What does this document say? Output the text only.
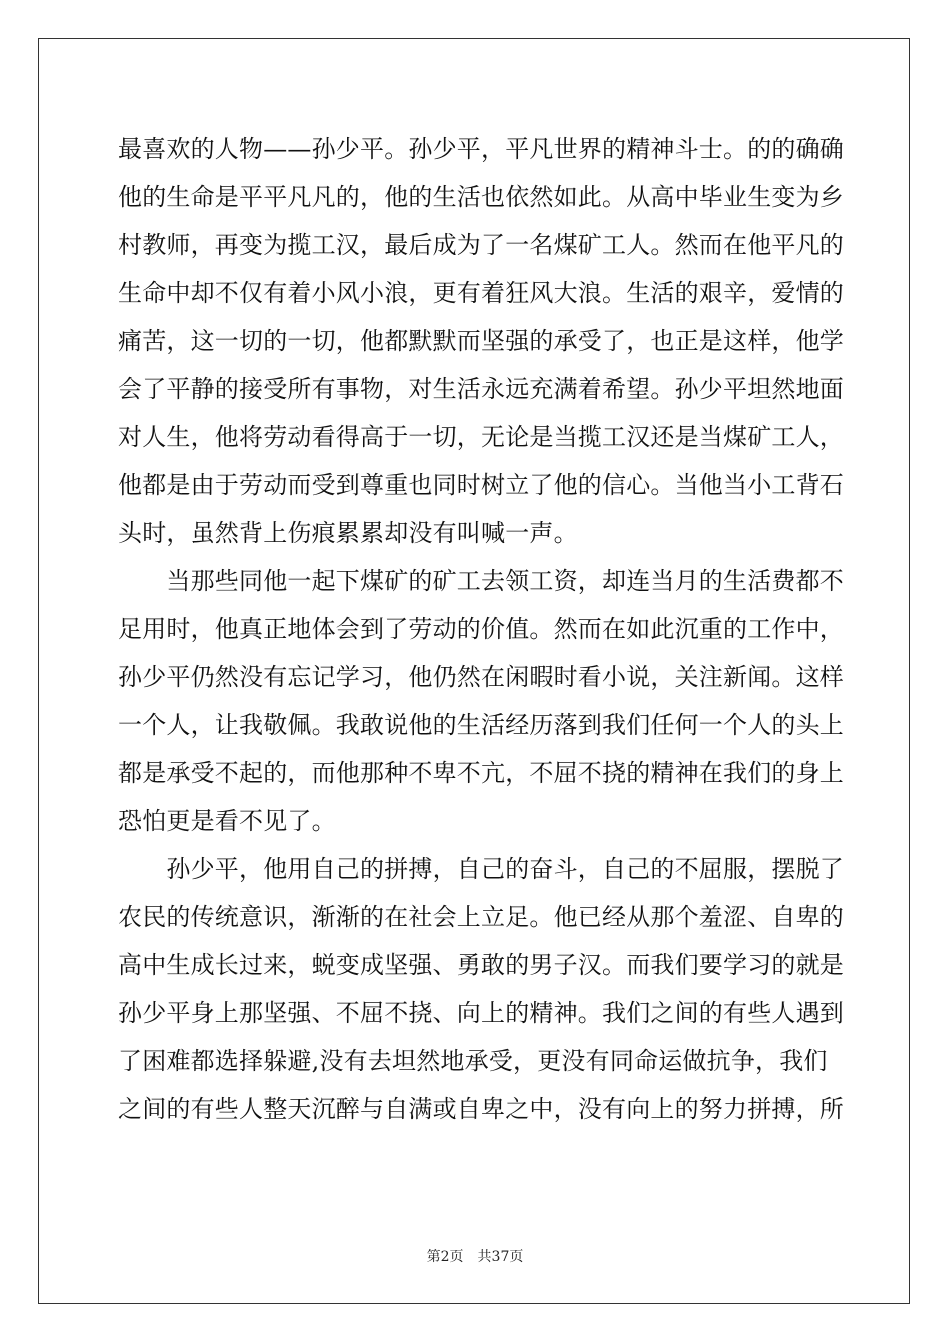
最喜欢的人物——孙少平。孙少平，平凡世界的精神斗士。的的确确
他的生命是平平凡凡的，他的生活也依然如此。从高中毕业生变为乡
村教师，再变为揽工汉，最后成为了一名煤矿工人。然而在他平凡的
生命中却不仅有着小风小浪，更有着狂风大浪。生活的艰辛，爱情的
痛苦，这一切的一切，他都默默而坚强的承受了，也正是这样，他学
会了平静的接受所有事物，对生活永远充满着希望。孙少平坦然地面
对人生，他将劳动看得高于一切，无论是当揽工汉还是当煤矿工人，
他都是由于劳动而受到尊重也同时树立了他的信心。当他当小工背石
头时，虽然背上伤痕累累却没有叫喊一声。
　　当那些同他一起下煤矿的矿工去领工资，却连当月的生活费都不
足用时，他真正地体会到了劳动的价值。然而在如此沉重的工作中，
孙少平仍然没有忘记学习，他仍然在闲暇时看小说，关注新闻。这样
一个人，让我敬佩。我敢说他的生活经历落到我们任何一个人的头上
都是承受不起的，而他那种不卑不亢，不屈不挠的精神在我们的身上
恐怕更是看不见了。
　　孙少平，他用自己的拼搏，自己的奋斗，自己的不屈服，摆脱了
农民的传统意识，渐渐的在社会上立足。他已经从那个羞涩、自卑的
高中生成长过来，蜕变成坚强、勇敢的男子汉。而我们要学习的就是
孙少平身上那坚强、不屈不挠、向上的精神。我们之间的有些人遇到
了困难都选择躲避,没有去坦然地承受，更没有同命运做抗争，我们
之间的有些人整天沉醉与自满或自卑之中，没有向上的努力拼搏，所
第2页 共37页
